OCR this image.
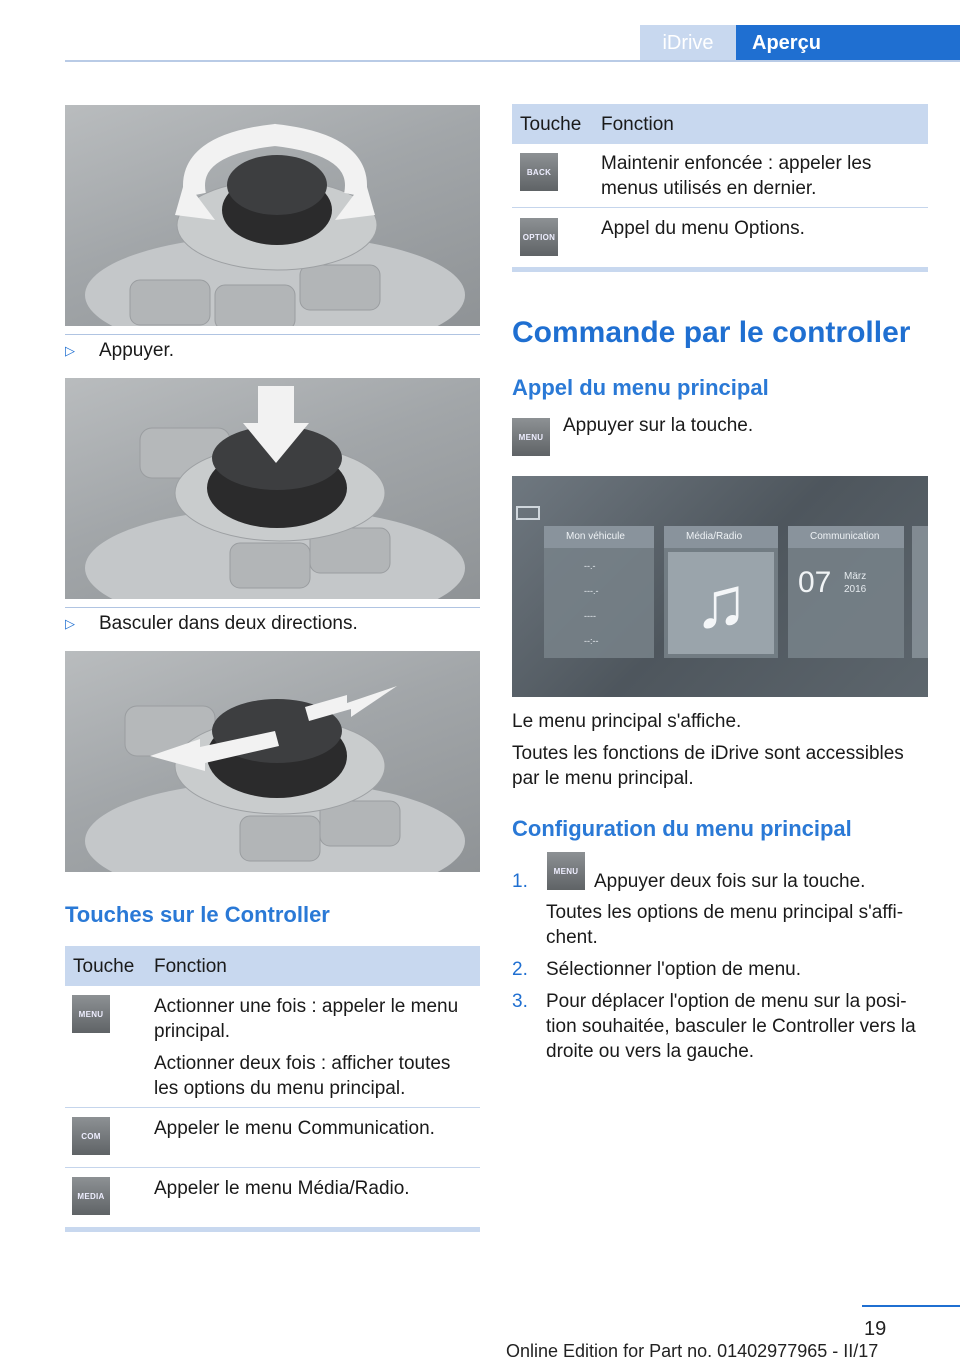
iDrive	Aperçu
▷ Appuyer.
▷ Basculer dans deux directions.
Touches sur le Controller
Touche Fonction
MENU	Actionner une fois : appeler le menu principal.
Actionner deux fois : afficher toutes les options du menu principal.
COM	Appeler le menu Communication.
MEDIA	Appeler le menu Média/Radio.
Touche Fonction
BACK	Maintenir enfoncée : appeler les menus utilisés en dernier.
OPTION Appel du menu Options.
Commande par le controller
Appel du menu principal
MENU
Appuyer sur la touche.
Mon véhicule
--.-
---.-
----
--:--
Média/Radio
♫
Communication
07 März
2016
Le menu principal s'affiche.
Toutes les fonctions de iDrive sont accessibles par le menu principal.
Configuration du menu principal
1.	MENU Appuyer deux fois sur la touche.
Toutes les options de menu principal s'affi-chent.
2. Sélectionner l'option de menu.
3. Pour déplacer l'option de menu sur la posi-tion souhaitée, basculer le Controller vers la droite ou vers la gauche.
19
Online Edition for Part no. 01402977965 - II/17
